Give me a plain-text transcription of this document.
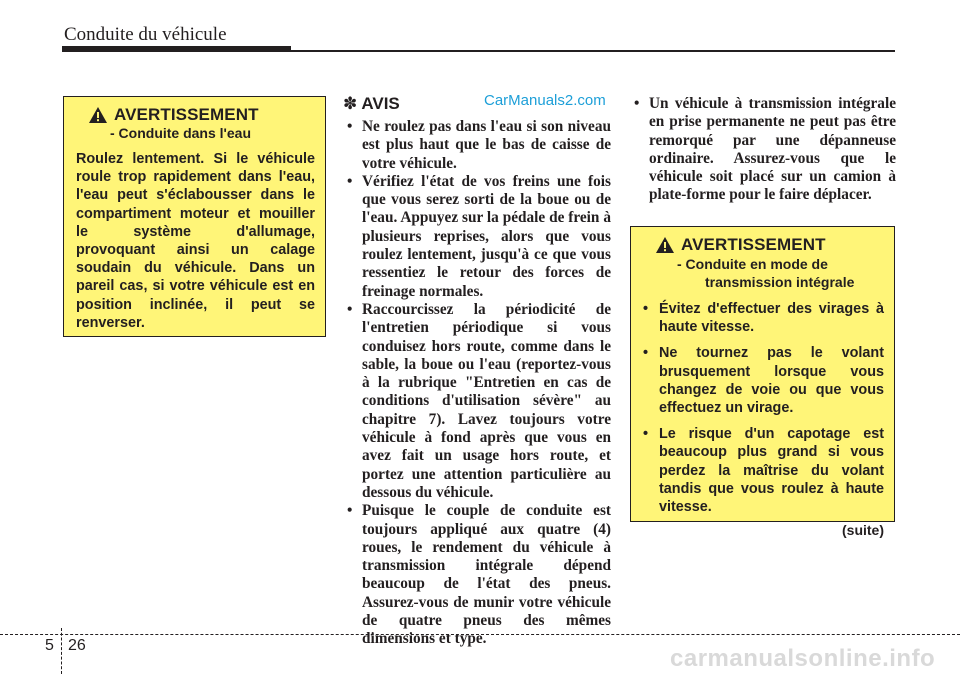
Conduite du véhicule
AVERTISSEMENT
- Conduite dans l'eau
Roulez lentement. Si le véhicule roule trop rapidement dans l'eau, l'eau peut s'éclabousser dans le compartiment moteur et mouiller le système d'allumage, provoquant ainsi un calage soudain du véhicule. Dans un pareil cas, si votre véhicule est en position inclinée, il peut se renverser.
✽ AVIS	CarManuals2.com
• Ne roulez pas dans l'eau si son niveau est plus haut que le bas de caisse de votre véhicule.
• Vérifiez l'état de vos freins une fois que vous serez sorti de la boue ou de l'eau. Appuyez sur la pédale de frein à plusieurs reprises, alors que vous roulez lentement, jusqu'à ce que vous ressentiez le retour des forces de freinage normales.
• Raccourcissez la périodicité de l'entretien périodique si vous conduisez hors route, comme dans le sable, la boue ou l'eau (reportez-vous à la rubrique "Entretien en cas de conditions d'utilisation sévère" au chapitre 7). Lavez toujours votre véhicule à fond après que vous en avez fait un usage hors route, et portez une attention particulière au dessous du véhicule.
• Puisque le couple de conduite est toujours appliqué aux quatre (4) roues, le rendement du véhicule à transmission intégrale dépend beaucoup de l'état des pneus. Assurez-vous de munir votre véhicule de quatre pneus des mêmes dimensions et type.
• Un véhicule à transmission intégrale en prise permanente ne peut pas être remorqué par une dépanneuse ordinaire. Assurez-vous que le véhicule soit placé sur un camion à plate-forme pour le faire déplacer.
AVERTISSEMENT
- Conduite en mode de
transmission intégrale
• Évitez d'effectuer des virages à haute vitesse.
• Ne tournez pas le volant brusquement lorsque vous changez de voie ou que vous effectuez un virage.
• Le risque d'un capotage est beaucoup plus grand si vous perdez la maîtrise du volant tandis que vous roulez à haute vitesse.
(suite)
5 26	carmanualsonline.info
